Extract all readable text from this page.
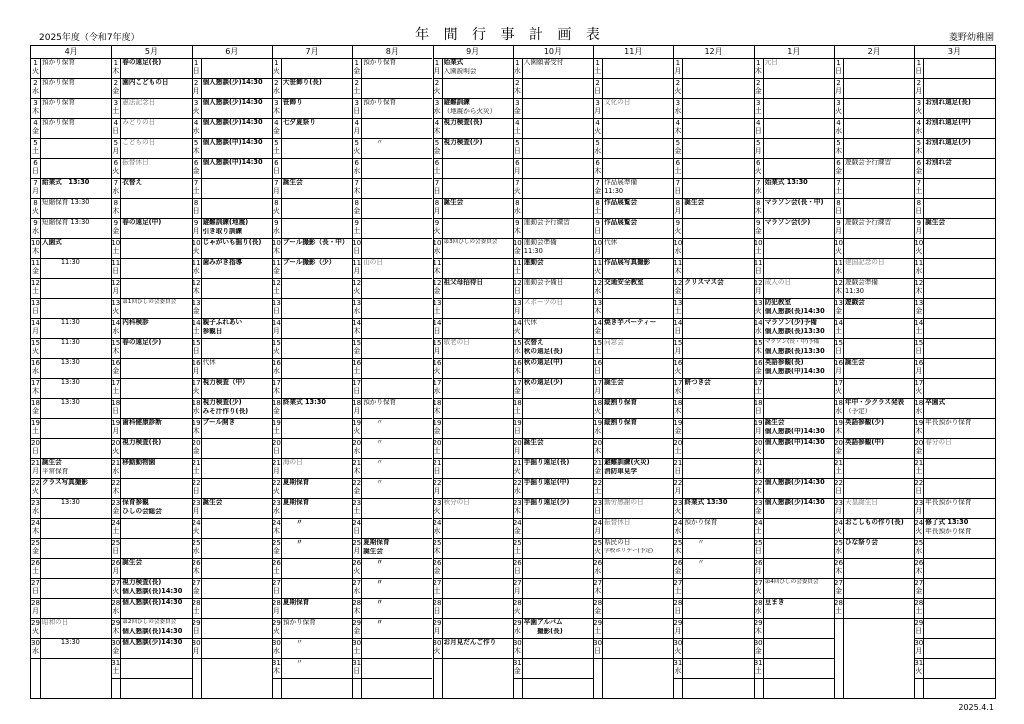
2025年度（令和7年度）	年 間 行 事 計 画 表	菱野幼稚園
4月
1
火
預かり保育
2
水
預かり保育
3
木
預かり保育
4
金
預かり保育
5
土
6
日
7
月
給業式　13:30
8
火
短縮保育 13:30
9
水
短縮保育 13:30
10
木
入園式
11
金
11:30
12
土
13
日
14
月
11:30
15
火
11:30
16
水
13:30
17
木
13:30
18
金
13:30
19
土
20
日
21
月
誕生会
平常保育
22
火
クラス写真撮影
23
水
13:30
24
木
25
金
26
土
27
日
28
月
29
火
昭和の日
30
水
13:30
5月
1
木
春の遠足(長)
2
金
園内こどもの日
3
土
憲法記念日
4
日
みどりの日
5
月
こどもの日
6
火
振替休日
7
水
衣替え
8
木
9
金
春の遠足(中)
10
土
11
日
12
月
13
火
第1回ひしの会委員会
14
水
内科検診
15
木
春の遠足(少)
16
金
17
土
18
日
19
月
歯科健康診断
20
火
視力検査(長)
21
水
移動動物園
22
木
23
金
保育参観
ひしの会総会
24
土
25
日
26
月
誕生会
27
火
視力検査(長)
個人懇談(長)14:30
28
水
個人懇談(長)14:30
29
木
第2回ひしの会委員会
個人懇談(長)14:30
30
金
個人懇談(少)14:30
31
土
6月
1
日
2
月
個人懇談(少)14:30
3
火
個人懇談(少)14:30
4
水
個人懇談(少)14:30
5
木
個人懇談(中)14:30
6
金
個人懇談(中)14:30
7
土
8
日
9
月
避難訓練(地震)
引き取り訓練
10
火
じゃがいも掘り(長)
11
水
歯みがき指導
12
木
13
金
14
土
親子ふれあい
参観日
15
日
16
月
代休
17
火
視力検査（中）
18
水
視力検査(少)
みそ汁作り(長)
19
木
プール開き
20
金
21
土
22
日
23
月
誕生会
24
火
25
水
26
木
27
金
28
土
29
日
30
月
7月
1
火
2
水
大笹飾り(長)
3
木
笹飾り
4
金
七夕夏祭り
5
土
6
日
7
月
誕生会
8
火
9
水
10
木
プール撮影（長・中）
11
金
プール撮影（少）
12
土
13
日
14
月
15
火
16
水
17
木
18
金
終業式 13:30
19
土
20
日
21
月
海の日
22
火
夏期保育
23
水
夏期保育
24
木
　　〃
25
金
　　〃
26
土
27
日
28
月
夏期保育
29
火
預かり保育
30
水
　　〃
31
木
　　〃
8月
1
金
預かり保育
2
土
3
日
預かり保育
4
月
5
火
　　〃
6
水
7
木
8
金
9
土
10
日
11
月
山の日
12
火
13
水
14
木
15
金
16
土
17
日
18
月
預かり保育
19
火
　　〃
20
水
　　〃
21
木
　　〃
22
金
　　〃
23
土
24
日
25
月
夏期保育
誕生会
26
火
　　〃
27
水
　　〃
28
木
　　〃
29
金
　　〃
30
土
31
日
9月
1
月
始業式
入園説明会
2
火
3
水
避難訓練
（地震から火災）
4
木
視力検査(長)
5
金
視力検査(少)
6
土
7
日
8
月
誕生会
9
火
10
水
第3回ひしの会委員会
11
木
12
金
祖父母招待日
13
土
14
日
15
月
敬老の日
16
火
17
水
18
木
19
金
20
土
21
日
22
月
23
火
秋分の日
24
水
25
木
26
金
27
土
28
日
29
月
30
火
お月見だんご作り
10月
1
水
入園願書受付
2
木
3
金
4
土
5
日
6
月
7
火
8
水
9
木
運動会予行練習
10
金
運動会準備
11:30
11
土
運動会
12
日
運動会予備日
13
月
スポーツの日
14
火
代休
15
水
衣替え
秋の遠足(長)
16
木
秋の遠足(中)
17
金
秋の遠足(少)
18
土
19
日
20
月
誕生会
21
火
芋掘り遠足(長)
22
水
芋掘り遠足(中)
23
木
芋掘り遠足(少)
24
金
25
土
26
日
27
月
28
火
29
水
卒園アルバム
　　撮影(長)
30
木
31
金
11月
1
土
2
日
3
月
文化の日
4
火
5
水
6
木
7
金
作品展準備
11:30
8
土
作品展覧会
9
日
作品展覧会
10
月
代休
11
火
作品展写真撮影
12
水
交通安全教室
13
木
14
金
焼き芋パーティー
15
土
同窓会
16
日
17
月
誕生会
18
火
縦割り保育
19
水
縦割り保育
20
木
21
金
避難訓練(火災)
消防車見学
22
土
23
日
勤労感謝の日
24
月
振替休日
25
火
県民の日
学校ホリデー(予定)
26
水
27
木
28
金
29
土
30
日
12月
1
月
2
火
3
水
4
木
5
金
6
土
7
日
8
月
誕生会
9
火
10
水
11
木
12
金
クリスマス会
13
土
14
日
15
月
16
火
17
水
餅つき会
18
木
19
金
20
土
21
日
22
月
23
火
終業式 13:30
24
水
預かり保育
25
木
　　〃
26
金
　　〃
27
土
28
日
29
月
30
火
31
水
1月
1
木
元日
2
金
3
土
4
日
5
月
6
火
7
水
始業式 13:30
8
木
マラソン会(長・中)
9
金
マラソン会(少)
10
土
11
日
12
月
成人の日
13
火
防犯教室
個人懇談(長)14:30
14
水
マラソン(少)予備
個人懇談(長)13:30
15
木
マラソン(長・中)予備
個人懇談(長)13:30
16
金
英語参観(長)
個人懇談(中)14:30
17
土
18
日
19
月
誕生会
個人懇談(中)14:30
20
火
個人懇談(中)14:30
21
水
22
木
個人懇談(少)14:30
23
金
個人懇談(少)14:30
24
土
25
日
26
月
27
火
第4回ひしの会委員会
28
水
豆まき
29
木
30
金
31
土
2月
1
日
2
月
3
火
4
水
5
木
6
金
遊戯会予行練習
7
土
8
日
9
月
遊戯会予行練習
10
火
11
水
建国記念の日
12
木
遊戯会準備
11:30
13
金
遊戯会
14
土
15
日
16
月
誕生会
17
火
18
水
年中・少クラス発表
（予定）
19
木
英語参観(少)
20
金
英語参観(中)
21
土
22
日
23
月
天皇誕生日
24
火
おこしもの作り(長)
25
水
ひな祭り会
26
木
27
金
28
土
3月
1
日
2
月
3
火
お別れ遠足(長)
4
水
お別れ遠足(中)
5
木
お別れ遠足(少)
6
金
お別れ会
7
土
8
日
9
月
誕生会
10
火
11
水
12
木
13
金
14
土
15
日
16
月
17
火
18
水
卒園式
19
木
年長預かり保育
20
金
春分の日
21
土
22
日
23
月
年長預かり保育
24
火
修了式 13:30
年長預かり保育
25
水
26
木
27
金
28
土
29
日
30
月
31
火
2025.4.1
